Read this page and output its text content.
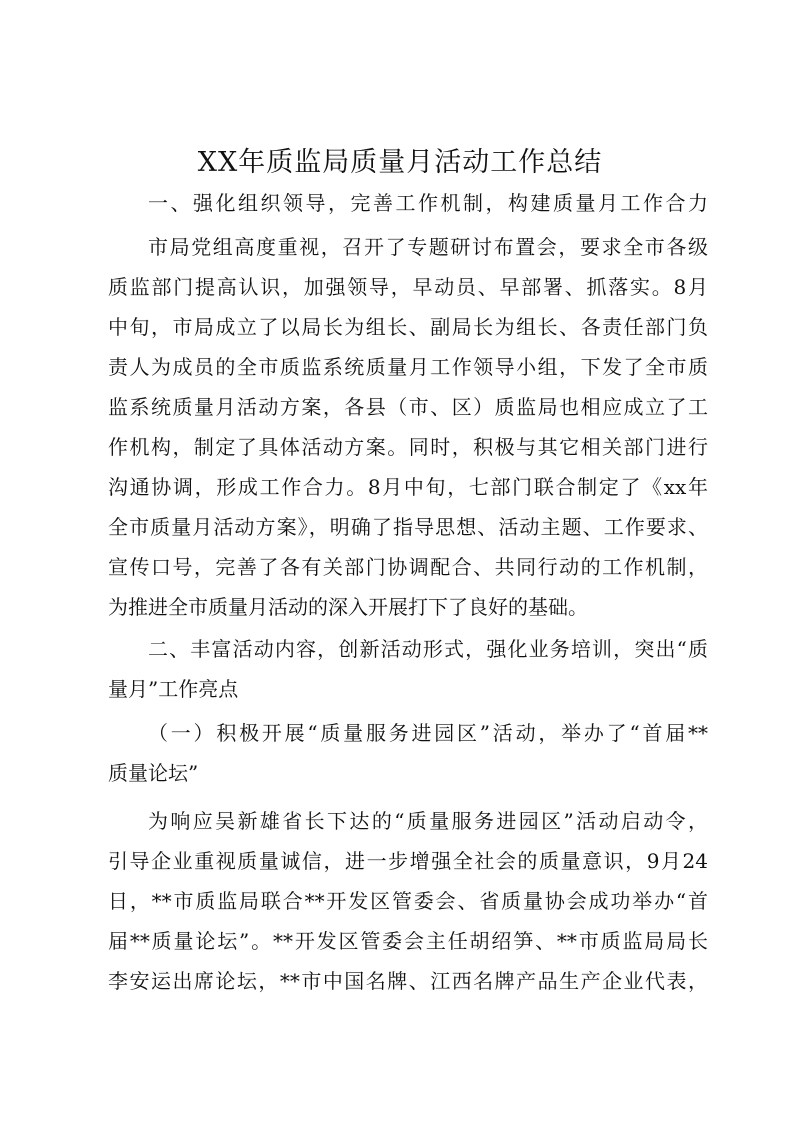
XX年质监局质量月活动工作总结
一、强化组织领导，完善工作机制，构建质量月工作合力
市局党组高度重视，召开了专题研讨布置会，要求全市各级
质监部门提高认识，加强领导，早动员、早部署、抓落实。8月
中旬，市局成立了以局长为组长、副局长为组长、各责任部门负
责人为成员的全市质监系统质量月工作领导小组，下发了全市质
监系统质量月活动方案，各县（市、区）质监局也相应成立了工
作机构，制定了具体活动方案。同时，积极与其它相关部门进行
沟通协调，形成工作合力。8月中旬，七部门联合制定了《xx年
全市质量月活动方案》，明确了指导思想、活动主题、工作要求、
宣传口号，完善了各有关部门协调配合、共同行动的工作机制，
为推进全市质量月活动的深入开展打下了良好的基础。
二、丰富活动内容，创新活动形式，强化业务培训，突出“质
量月”工作亮点
（一）积极开展“质量服务进园区”活动，举办了“首届**
质量论坛”
为响应吴新雄省长下达的“质量服务进园区”活动启动令，
引导企业重视质量诚信，进一步增强全社会的质量意识，9月24
日，**市质监局联合**开发区管委会、省质量协会成功举办“首
届**质量论坛”。**开发区管委会主任胡绍笋、**市质监局局长
李安运出席论坛，**市中国名牌、江西名牌产品生产企业代表，
